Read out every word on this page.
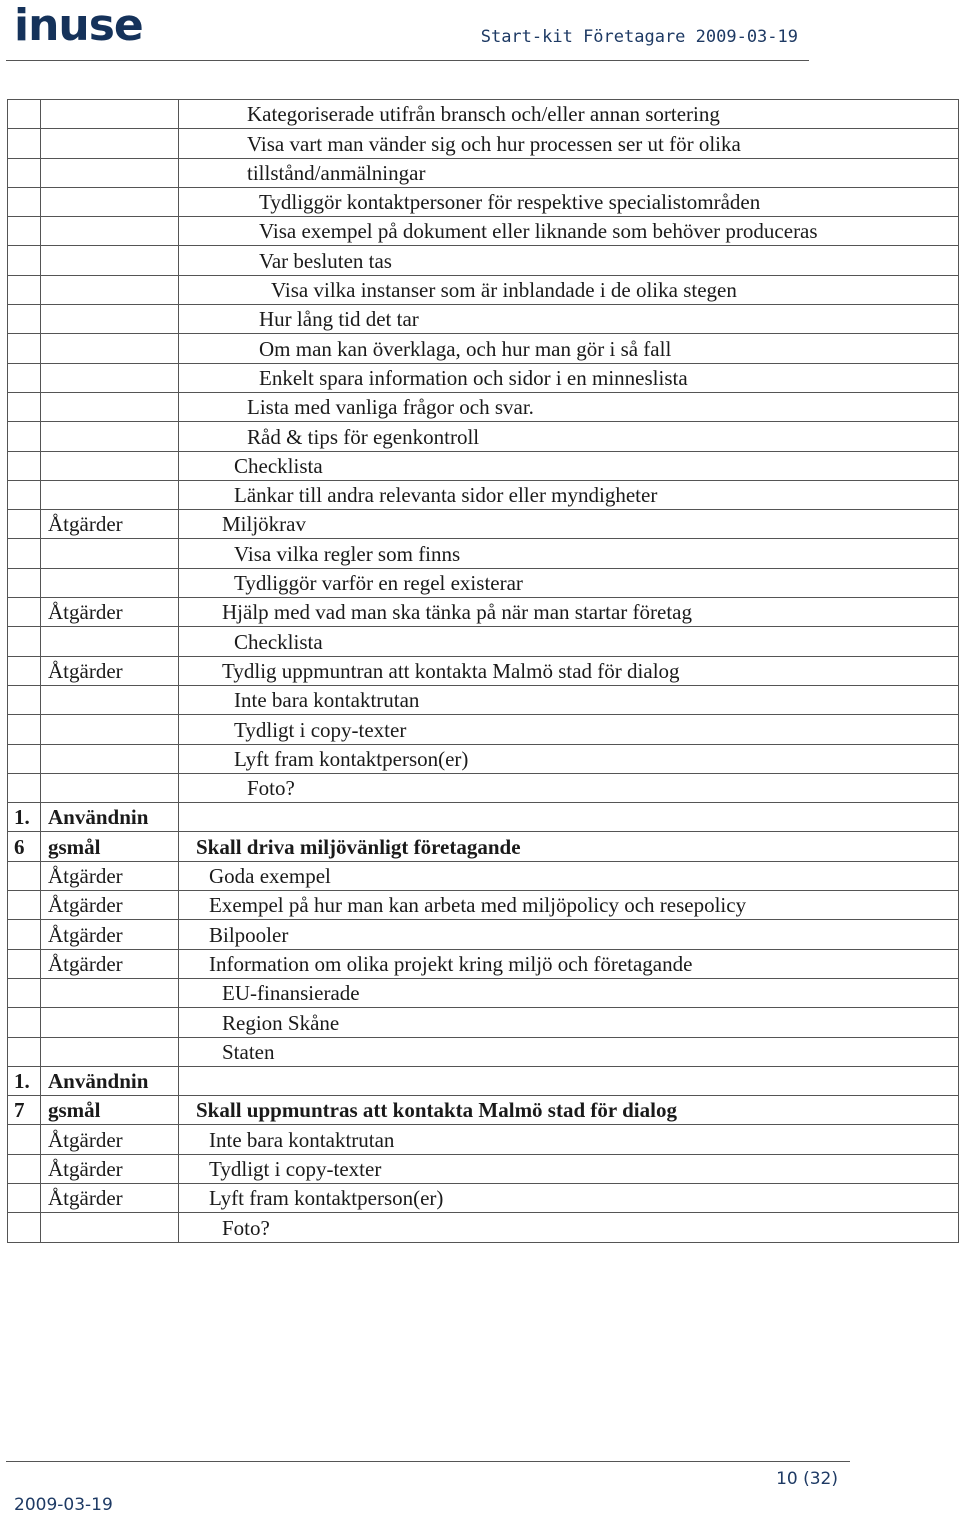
inuse	Start-kit Företagare 2009-03-19
		Kategoriserade utifrån bransch och/eller annan sortering
		Visa vart man vänder sig och hur processen ser ut för olika
		tillstånd/anmälningar
		Tydliggör kontaktpersoner för respektive specialistområden
		Visa exempel på dokument eller liknande som behöver produceras
		Var besluten tas
		Visa vilka instanser som är inblandade i de olika stegen
		Hur lång tid det tar
		Om man kan överklaga, och hur man gör i så fall
		Enkelt spara information och sidor i en minneslista
		Lista med vanliga frågor och svar.
		Råd & tips för egenkontroll
		Checklista
		Länkar till andra relevanta sidor eller myndigheter
	Åtgärder	Miljökrav
		Visa vilka regler som finns
		Tydliggör varför en regel existerar
	Åtgärder	Hjälp med vad man ska tänka på när man startar företag
		Checklista
	Åtgärder	Tydlig uppmuntran att kontakta Malmö stad för dialog
		Inte bara kontaktrutan
		Tydligt i copy-texter
		Lyft fram kontaktperson(er)
		Foto?
1.	Användnin	
6	gsmål	Skall driva miljövänligt företagande
	Åtgärder	Goda exempel
	Åtgärder	Exempel på hur man kan arbeta med miljöpolicy och resepolicy
	Åtgärder	Bilpooler
	Åtgärder	Information om olika projekt kring miljö och företagande
		EU-finansierade
		Region Skåne
		Staten
1.	Användnin	
7	gsmål	Skall uppmuntras att kontakta Malmö stad för dialog
	Åtgärder	Inte bara kontaktrutan
	Åtgärder	Tydligt i copy-texter
	Åtgärder	Lyft fram kontaktperson(er)
		Foto?
10 (32)
2009-03-19
